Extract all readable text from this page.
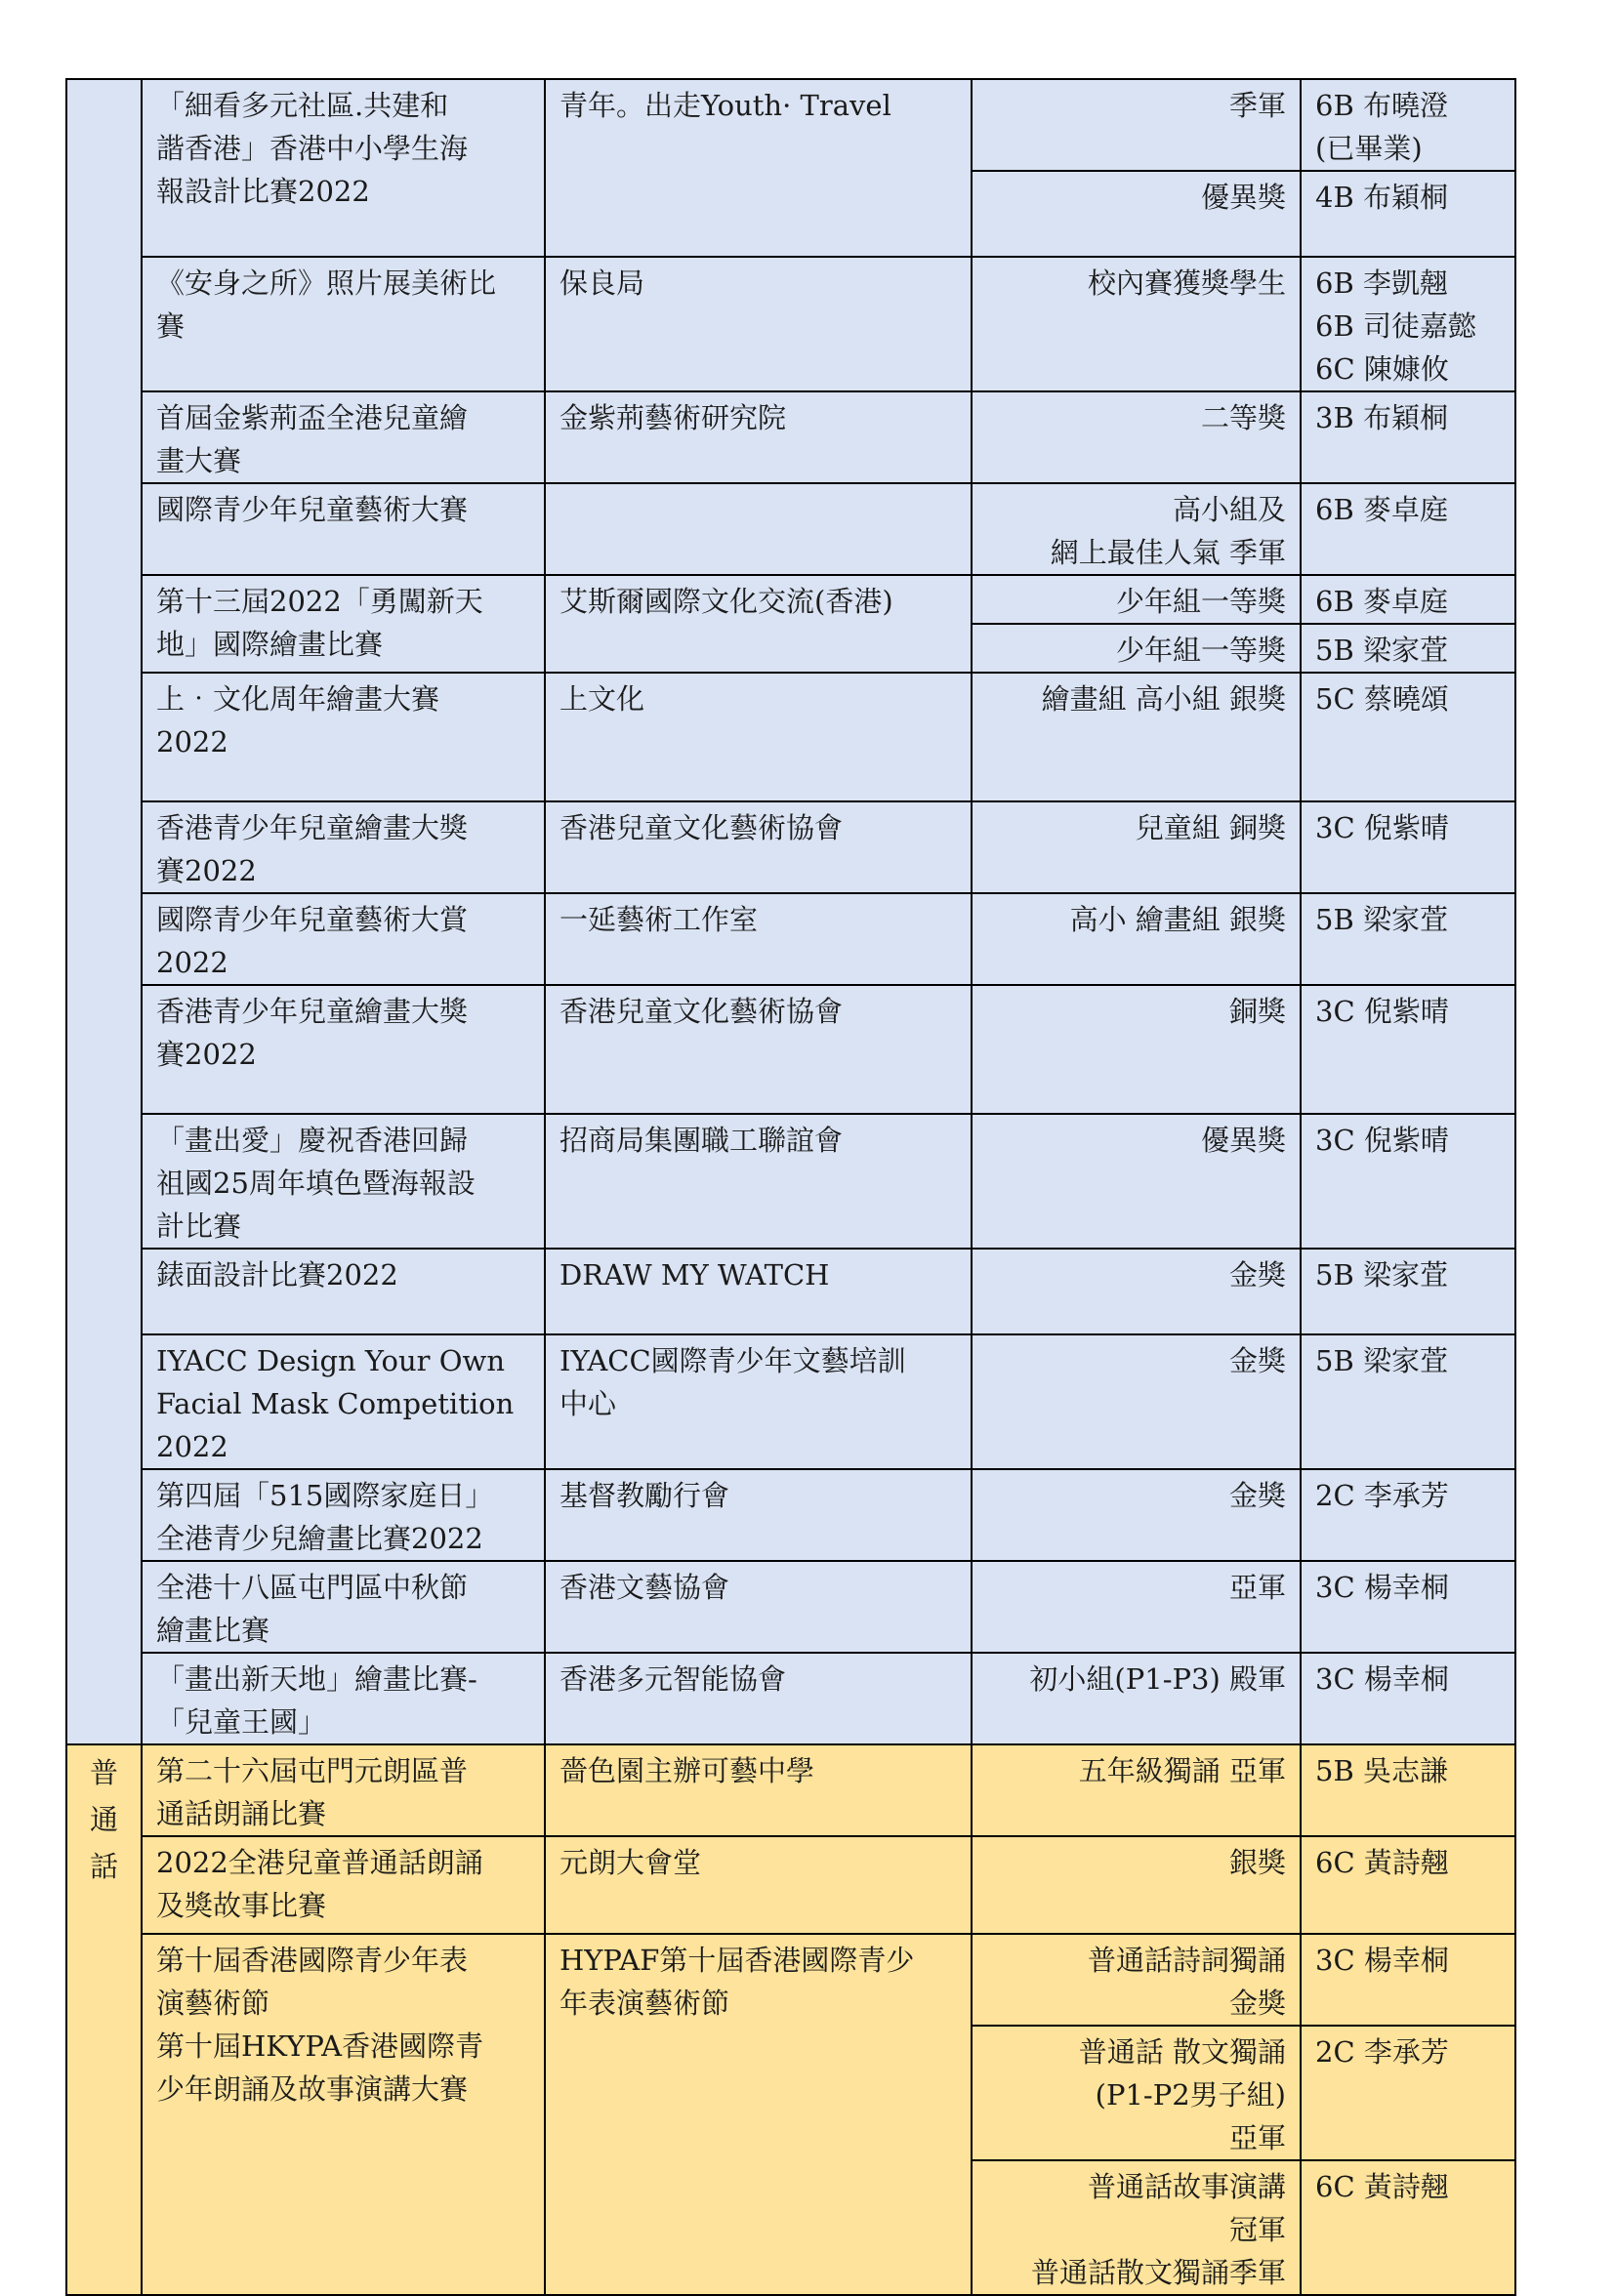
	「細看多元社區.共建和
諧香港」香港中小學生海
報設計比賽2022	青年。出走Youth· Travel	季軍	6B 布曉澄
(已畢業)

			優異獎	4B 布穎桐

	《安身之所》照片展美術比
賽	保良局	校內賽獲獎學生	6B 李凱翹
6B 司徒嘉懿
6C 陳嫝攸

	首屆金紫荊盃全港兒童繪
畫大賽	金紫荊藝術研究院	二等獎	3B 布穎桐

	國際青少年兒童藝術大賽		高小組及
網上最佳人氣 季軍	6B 麥卓庭

	第十三屆2022「勇闖新天
地」國際繪畫比賽	艾斯爾國際文化交流(香港)	少年組一等獎	6B 麥卓庭

			少年組一等獎	5B 梁家萓

	上‧文化周年繪畫大賽
2022	上文化	繪畫組 高小組 銀獎	5C 蔡曉頌

	香港青少年兒童繪畫大獎
賽2022	香港兒童文化藝術協會	兒童組 銅獎	3C 倪紫晴

	國際青少年兒童藝術大賞
2022	一延藝術工作室	高小 繪畫組 銀獎	5B 梁家萓

	香港青少年兒童繪畫大獎
賽2022	香港兒童文化藝術協會	銅獎	3C 倪紫晴

	「畫出愛」慶祝香港回歸
祖國25周年填色暨海報設
計比賽	招商局集團職工聯誼會	優異獎	3C 倪紫晴

	錶面設計比賽2022	DRAW MY WATCH	金獎	5B 梁家萓

	IYACC Design Your Own
Facial Mask Competition
2022	IYACC國際青少年文藝培訓
中心	金獎	5B 梁家萓

	第四屆「515國際家庭日」
全港青少兒繪畫比賽2022	基督教勵行會	金獎	2C 李承芳

	全港十八區屯門區中秋節
繪畫比賽	香港文藝協會	亞軍	3C 楊幸桐

	「畫出新天地」繪畫比賽-
「兒童王國」	香港多元智能協會	初小組(P1-P3) 殿軍	3C 楊幸桐

普
通
話	第二十六屆屯門元朗區普
通話朗誦比賽	嗇色園主辦可藝中學	五年級獨誦 亞軍	5B 吳志謙

	2022全港兒童普通話朗誦
及獎故事比賽	元朗大會堂	銀獎	6C 黃詩翹

	第十屆香港國際青少年表
演藝術節
第十屆HKYPA香港國際青
少年朗誦及故事演講大賽	HYPAF第十屆香港國際青少
年表演藝術節	普通話詩詞獨誦
金獎	3C 楊幸桐

			普通話 散文獨誦
(P1-P2男子組)
亞軍	2C 李承芳

			普通話故事演講
冠軍
普通話散文獨誦季軍	6C 黃詩翹
